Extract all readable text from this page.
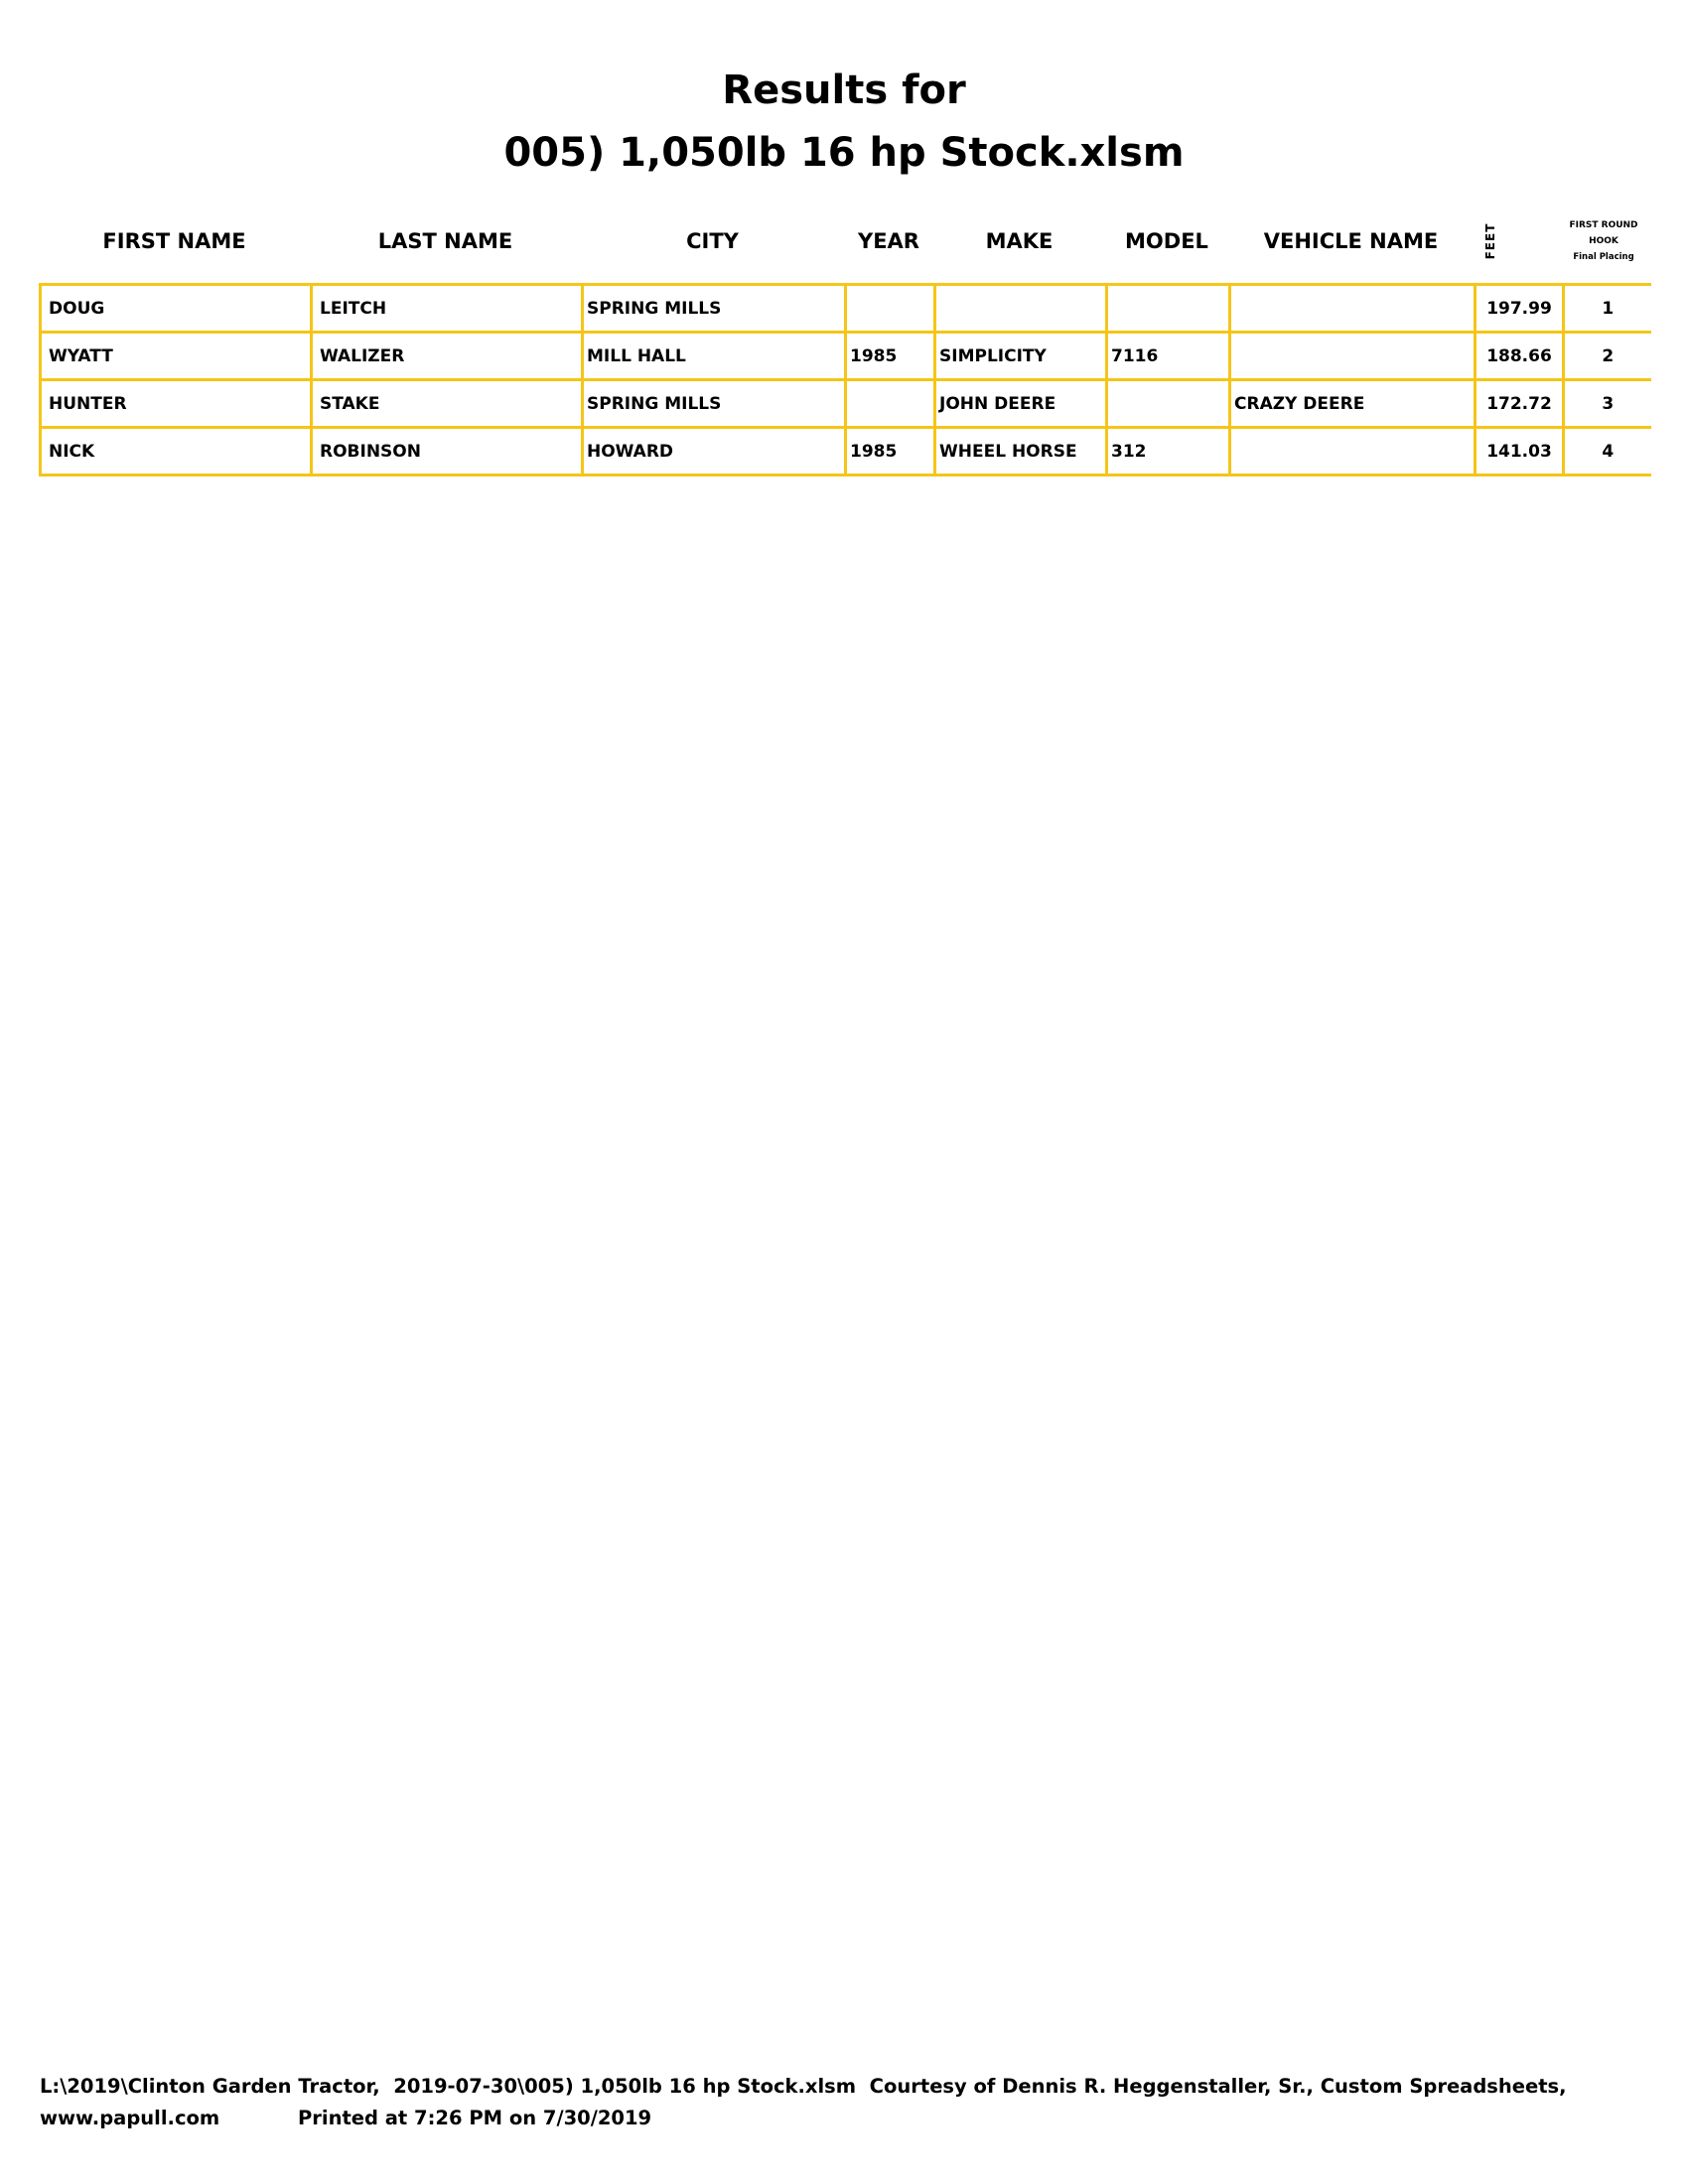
Results for
005) 1,050lb 16 hp Stock.xlsm
FIRST NAME	LAST NAME	CITY	YEAR	MAKE	MODEL	VEHICLE NAME	FEET	FIRST ROUND
HOOK
Final Placing
DOUG	LEITCH	SPRING MILLS					197.99	1
WYATT	WALIZER	MILL HALL	1985	SIMPLICITY	7116		188.66	2
HUNTER	STAKE	SPRING MILLS		JOHN DEERE		CRAZY DEERE	172.72	3
NICK	ROBINSON	HOWARD	1985	WHEEL HORSE	312		141.03	4
L:\2019\Clinton Garden Tractor,  2019-07-30\005) 1,050lb 16 hp Stock.xlsm  Courtesy of Dennis R. Heggenstaller, Sr., Custom Spreadsheets,
www.papull.com	Printed at 7:26 PM on 7/30/2019
